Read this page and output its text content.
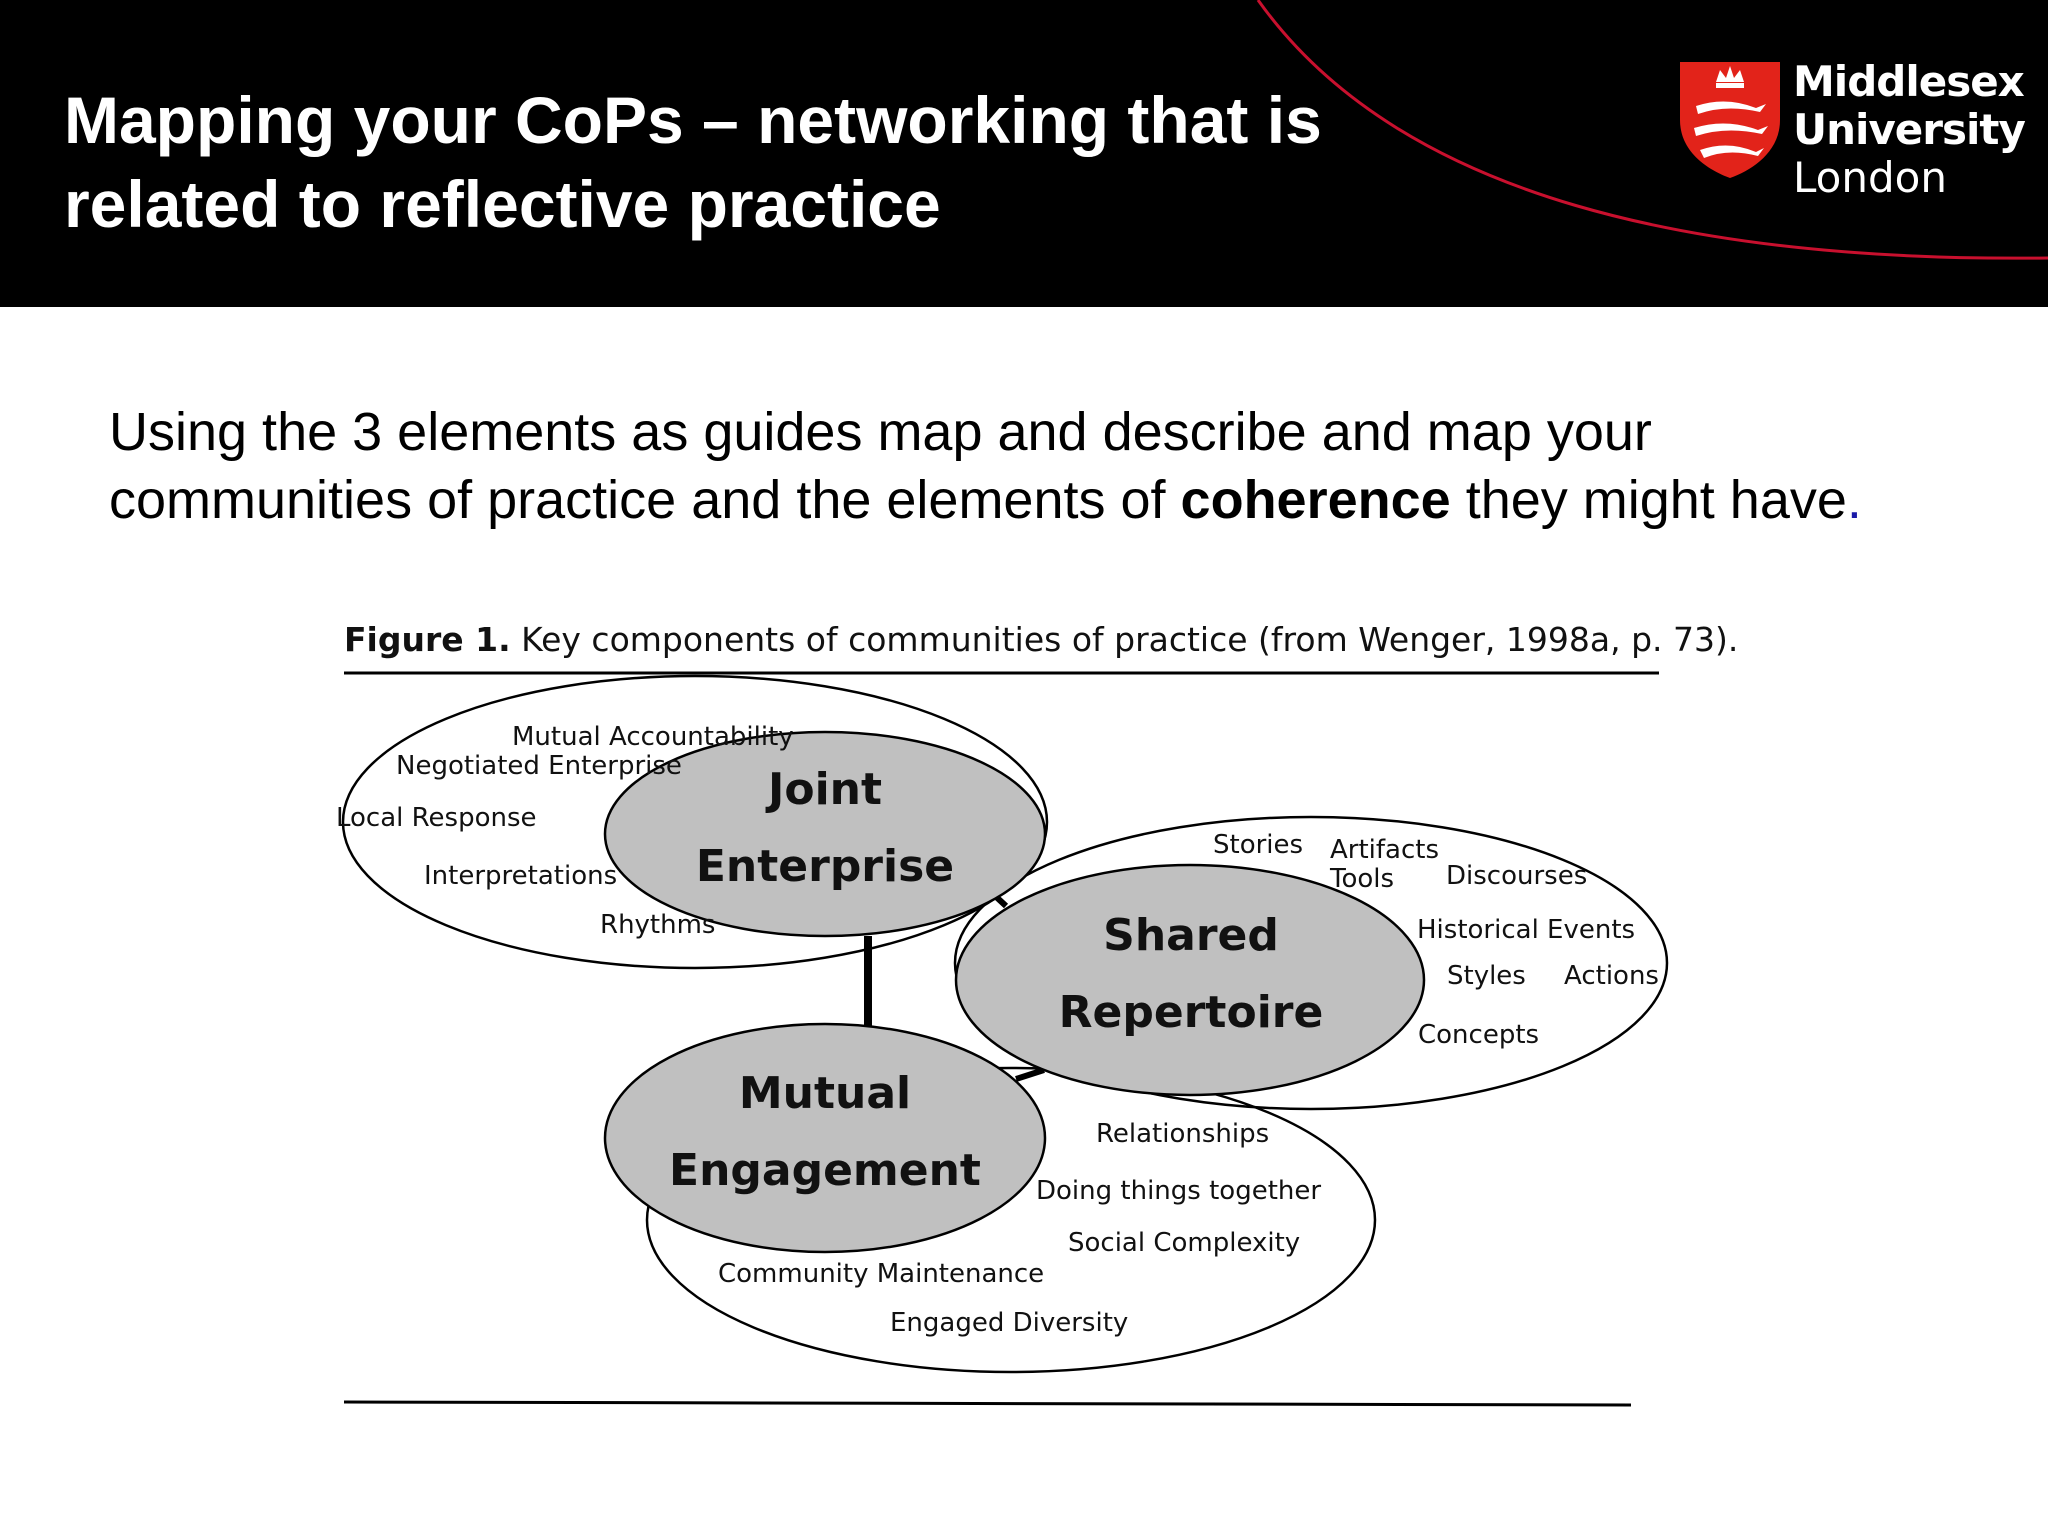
Mapping your CoPs – networking that is
related to reflective practice
Middlesex
University
London

Using the 3 elements as guides map and describe and map your communities of practice and the elements of coherence they might have.

Figure 1. Key components of communities of practice (from Wenger, 1998a, p. 73).
Joint
Enterprise
Shared
Repertoire
Mutual
Engagement
Mutual Accountability
Negotiated Enterprise
Local Response
Interpretations
Rhythms
Stories Artifacts
Tools Discourses
Historical Events
Styles Actions
Concepts
Relationships
Doing things together
Social Complexity
Community Maintenance
Engaged Diversity
